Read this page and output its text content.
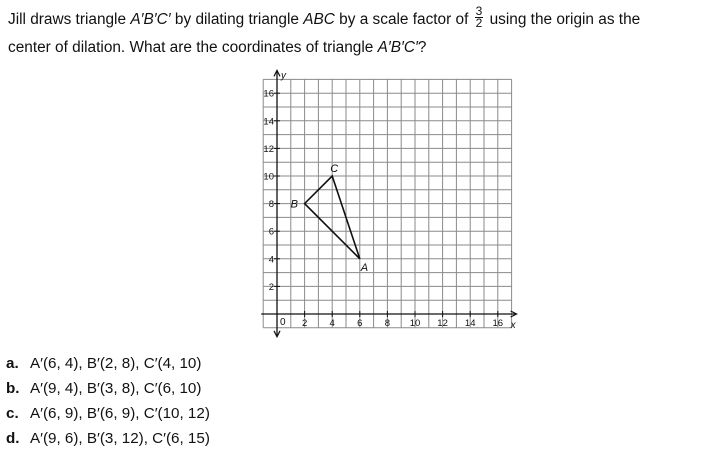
Jill draws triangle A′B′C′ by dilating triangle ABC by a scale factor of $\frac{3}{2}$ using the origin as the
center of dilation. What are the coordinates of triangle A′B′C′?
y
x
0 2 4 6 8 10 12 14 16
2
4
6
8
10
12
14
16
A
B
C
a. A′(6, 4), B′(2, 8), C′(4, 10)
b. A′(9, 4), B′(3, 8), C′(6, 10)
c. A′(6, 9), B′(6, 9), C′(10, 12)
d. A′(9, 6), B′(3, 12), C′(6, 15)
